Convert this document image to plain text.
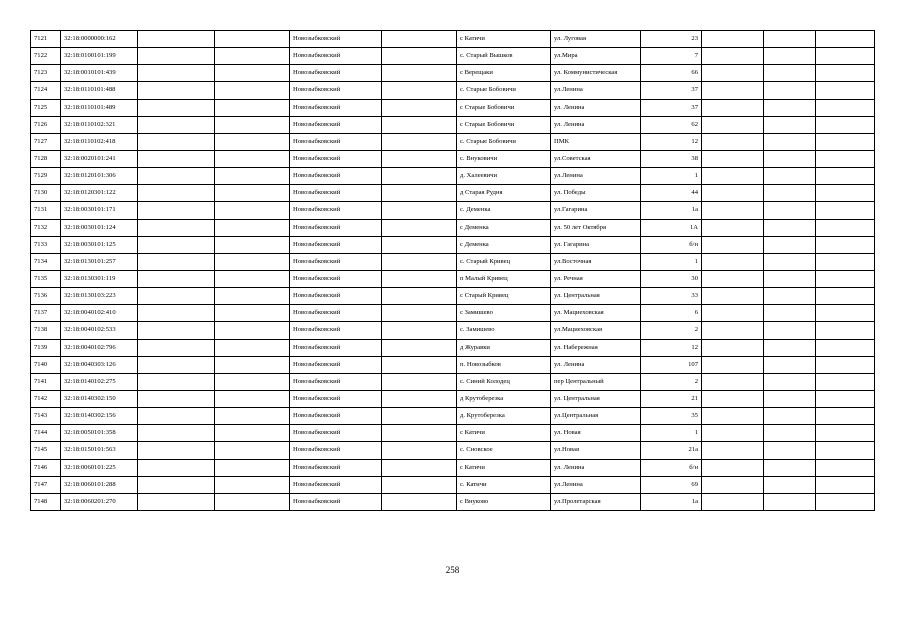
7121	32:18:0000000:162			Новозыбковский		с Катичи	ул. Луговая	23			
7122	32:18:0100101:199			Новозыбковский		с. Старый Вышков	ул.Мира	7			
7123	32:18:0010101:439			Новозыбковский		с Верещаки	ул. Коммунистическая	66			
7124	32:18:0110101:488			Новозыбковский		с. Старые Бобовичи	ул.Ленина	37			
7125	32:18:0110101:489			Новозыбковский		с Старые Бобовичи	ул. Ленина	37			
7126	32:18:0110102:321			Новозыбковский		с Старые Бобовичи	ул. Ленина	62			
7127	32:18:0110102:418			Новозыбковский		с. Старые Бобовичи	ПМК	12			
7128	32:18:0020101:241			Новозыбковский		с. Внуковичи	ул.Советская	38			
7129	32:18:0120101:306			Новозыбковский		д. Халеевичи	ул.Ленина	1			
7130	32:18:0120301:122			Новозыбковский		д Старая Рудня	ул. Победы	44			
7131	32:18:0030101:171			Новозыбковский		с. Деменка	ул.Гагарина	1а			
7132	32:18:0030101:124			Новозыбковский		с Деменка	ул. 50 лет Октября	1А			
7133	32:18:0030101:125			Новозыбковский		с Деменка	ул. Гагарина	б/н			
7134	32:18:0130101:257			Новозыбковский		с. Старый Кривец	ул.Восточная	1			
7135	32:18:0130301:119			Новозыбковский		п Малый Кривец	ул. Речная	30			
7136	32:18:0130103:223			Новозыбковский		с Старый Кривец	ул. Центральная	33			
7137	32:18:0040102:410			Новозыбковский		с Замишево	ул. Мациеховская	6			
7138	32:18:0040102:533			Новозыбковский		с. Замишево	ул.Мациеховская	2			
7139	32:18:0040102:796			Новозыбковский		д Журавки	ул. Набережная	12			
7140	32:18:0040303:126			Новозыбковский		п. Новозыбков	ул. Ленина	107			
7141	32:18:0140102:275			Новозыбковский		с. Синий Колодец	пер Центральный	2			
7142	32:18:0140302:150			Новозыбковский		д Крутоберезка	ул. Центральная	21			
7143	32:18:0140302:156			Новозыбковский		д. Крутоберезка	ул.Центральная	35			
7144	32:18:0050101:358			Новозыбковский		с Катичи	ул. Новая	1			
7145	32:18:0150101:563			Новозыбковский		с. Сновское	ул.Новая	21а			
7146	32:18:0060101:225			Новозыбковский		с Катичи	ул. Ленина	б/н			
7147	32:18:0060101:288			Новозыбковский		с. Катичи	ул.Ленина	69			
7148	32:18:0060201:270			Новозыбковский		с Внуково	ул.Пролетарская	1а			
258
